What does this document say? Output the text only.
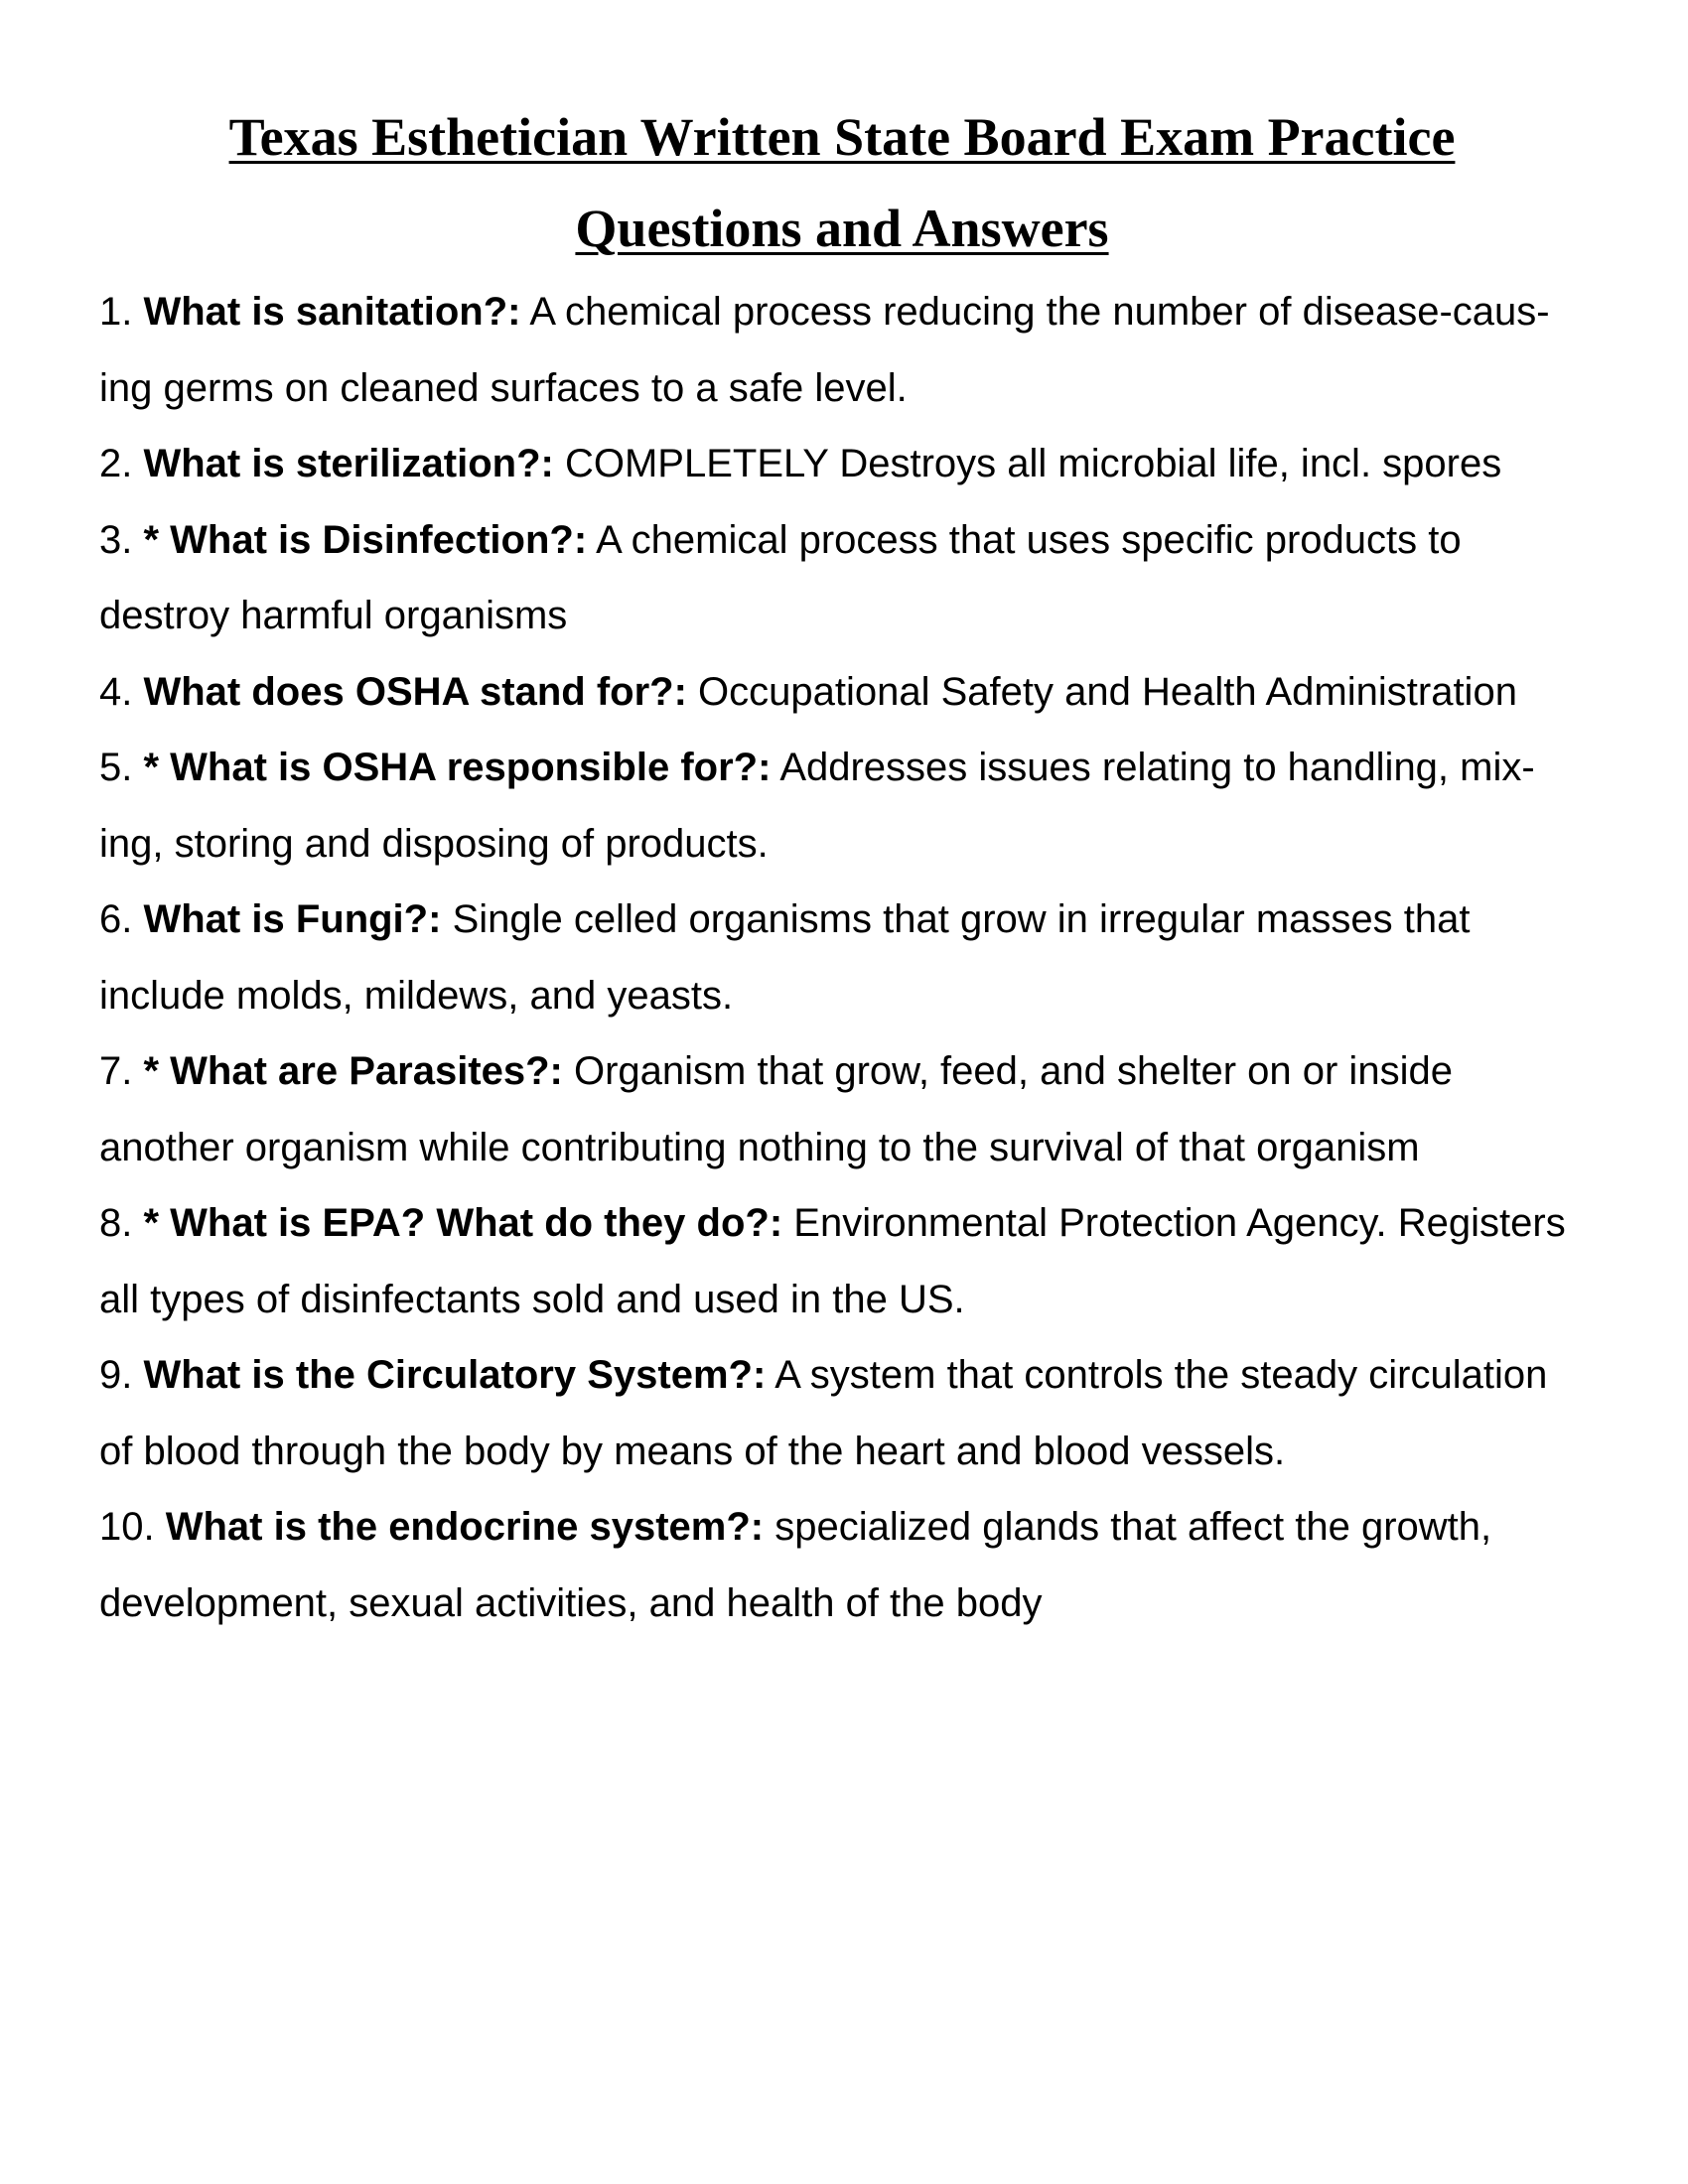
Texas Esthetician Written State Board Exam Practice
Questions and Answers
1. What is sanitation?: A chemical process reducing the number of disease-caus- ing germs on cleaned surfaces to a safe level.
2. What is sterilization?: COMPLETELY Destroys all microbial life, incl. spores
3. * What is Disinfection?: A chemical process that uses specific products to destroy harmful organisms
4. What does OSHA stand for?: Occupational Safety and Health Administration
5. * What is OSHA responsible for?: Addresses issues relating to handling, mix- ing, storing and disposing of products.
6. What is Fungi?: Single celled organisms that grow in irregular masses that include molds, mildews, and yeasts.
7. * What are Parasites?: Organism that grow, feed, and shelter on or inside another organism while contributing nothing to the survival of that organism
8. * What is EPA? What do they do?: Environmental Protection Agency. Registers all types of disinfectants sold and used in the US.
9. What is the Circulatory System?: A system that controls the steady circulation of blood through the body by means of the heart and blood vessels.
10. What is the endocrine system?: specialized glands that affect the growth, development, sexual activities, and health of the body
